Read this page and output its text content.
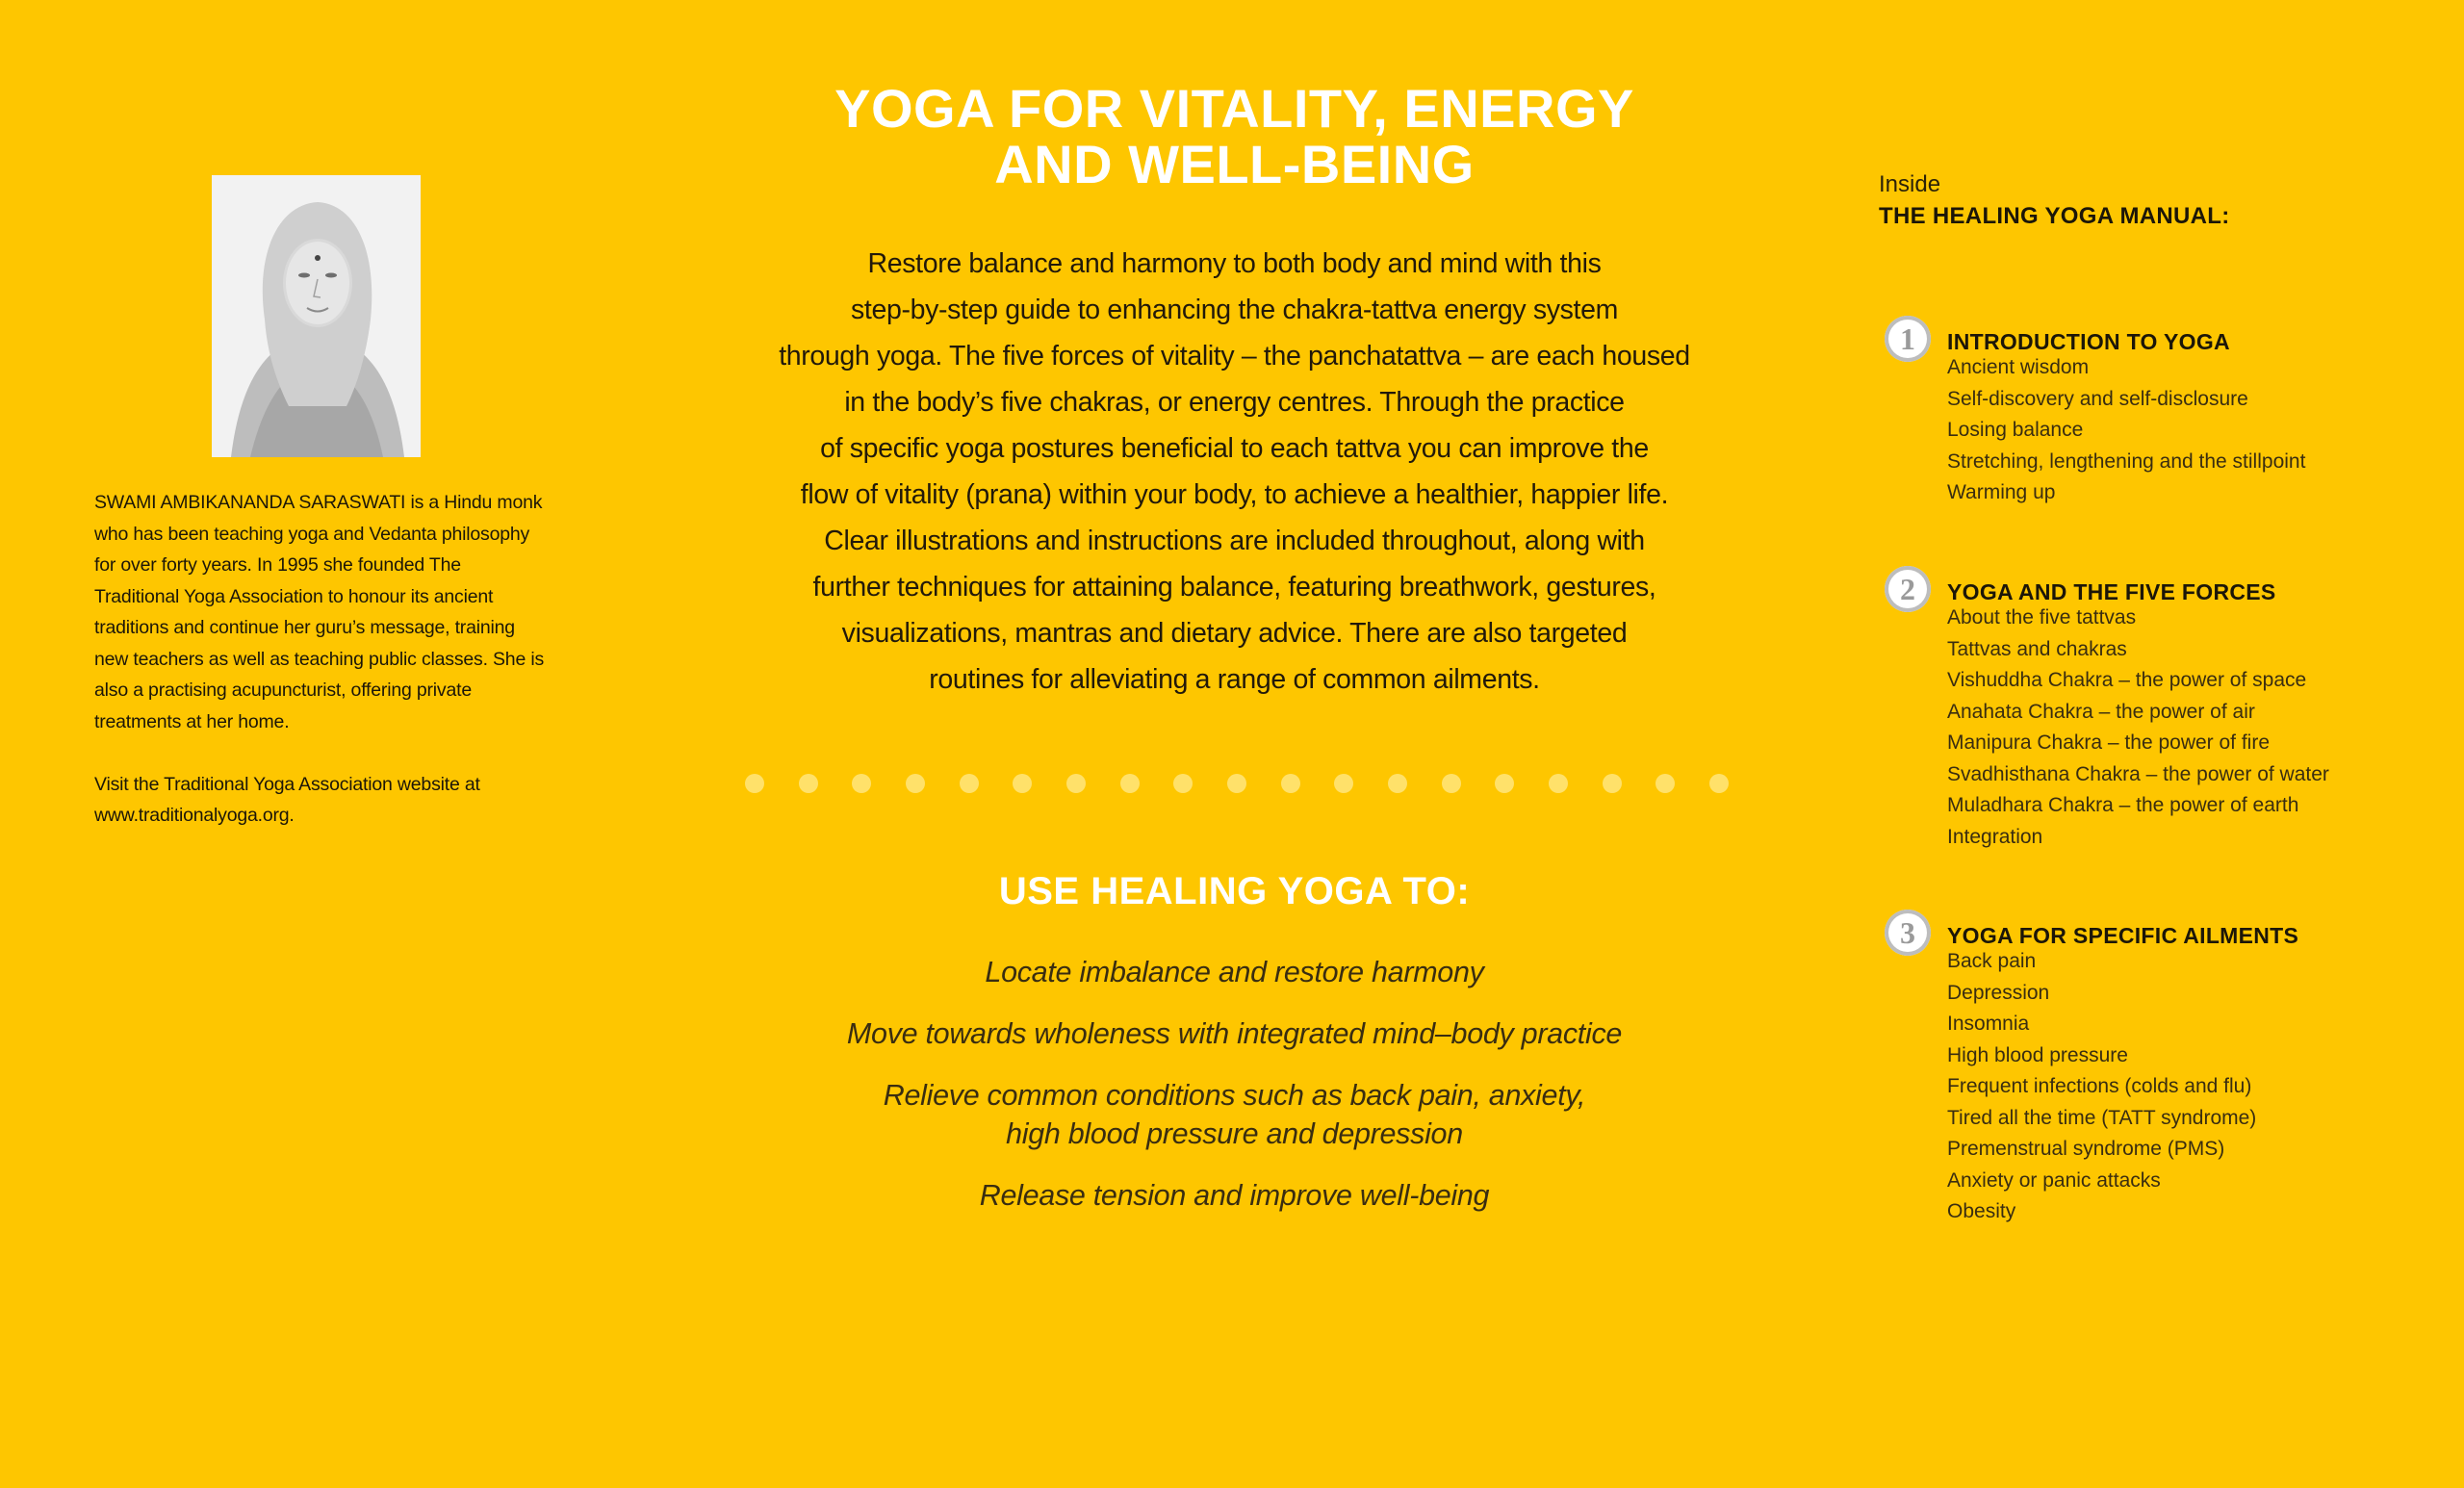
SWAMI AMBIKANANDA SARASWATI is a Hindu monk who has been teaching yoga and Vedanta philosophy for over forty years. In 1995 she founded The Traditional Yoga Association to honour its ancient traditions and continue her guru’s message, training new teachers as well as teaching public classes. She is also a practising acupuncturist, offering private treatments at her home.

Visit the Traditional Yoga Association website at www.traditionalyoga.org.

YOGA FOR VITALITY, ENERGY
AND WELL-BEING
Restore balance and harmony to both body and mind with this
step-by-step guide to enhancing the chakra-tattva energy system
through yoga. The five forces of vitality – the panchatattva – are each housed
in the body’s five chakras, or energy centres. Through the practice
of specific yoga postures beneficial to each tattva you can improve the
flow of vitality (prana) within your body, to achieve a healthier, happier life.
Clear illustrations and instructions are included throughout, along with
further techniques for attaining balance, featuring breathwork, gestures,
visualizations, mantras and dietary advice. There are also targeted
routines for alleviating a range of common ailments.
USE HEALING YOGA TO:
Locate imbalance and restore harmony
Move towards wholeness with integrated mind–body practice
Relieve common conditions such as back pain, anxiety,
high blood pressure and depression
Release tension and improve well-being
Inside
THE HEALING YOGA MANUAL:
1	INTRODUCTION TO YOGA
Ancient wisdom
Self-discovery and self-disclosure
Losing balance
Stretching, lengthening and the stillpoint
Warming up
2	YOGA AND THE FIVE FORCES
About the five tattvas
Tattvas and chakras
Vishuddha Chakra – the power of space
Anahata Chakra – the power of air
Manipura Chakra – the power of fire
Svadhisthana Chakra – the power of water
Muladhara Chakra – the power of earth
Integration
3	YOGA FOR SPECIFIC AILMENTS
Back pain
Depression
Insomnia
High blood pressure
Frequent infections (colds and flu)
Tired all the time (TATT syndrome)
Premenstrual syndrome (PMS)
Anxiety or panic attacks
Obesity
